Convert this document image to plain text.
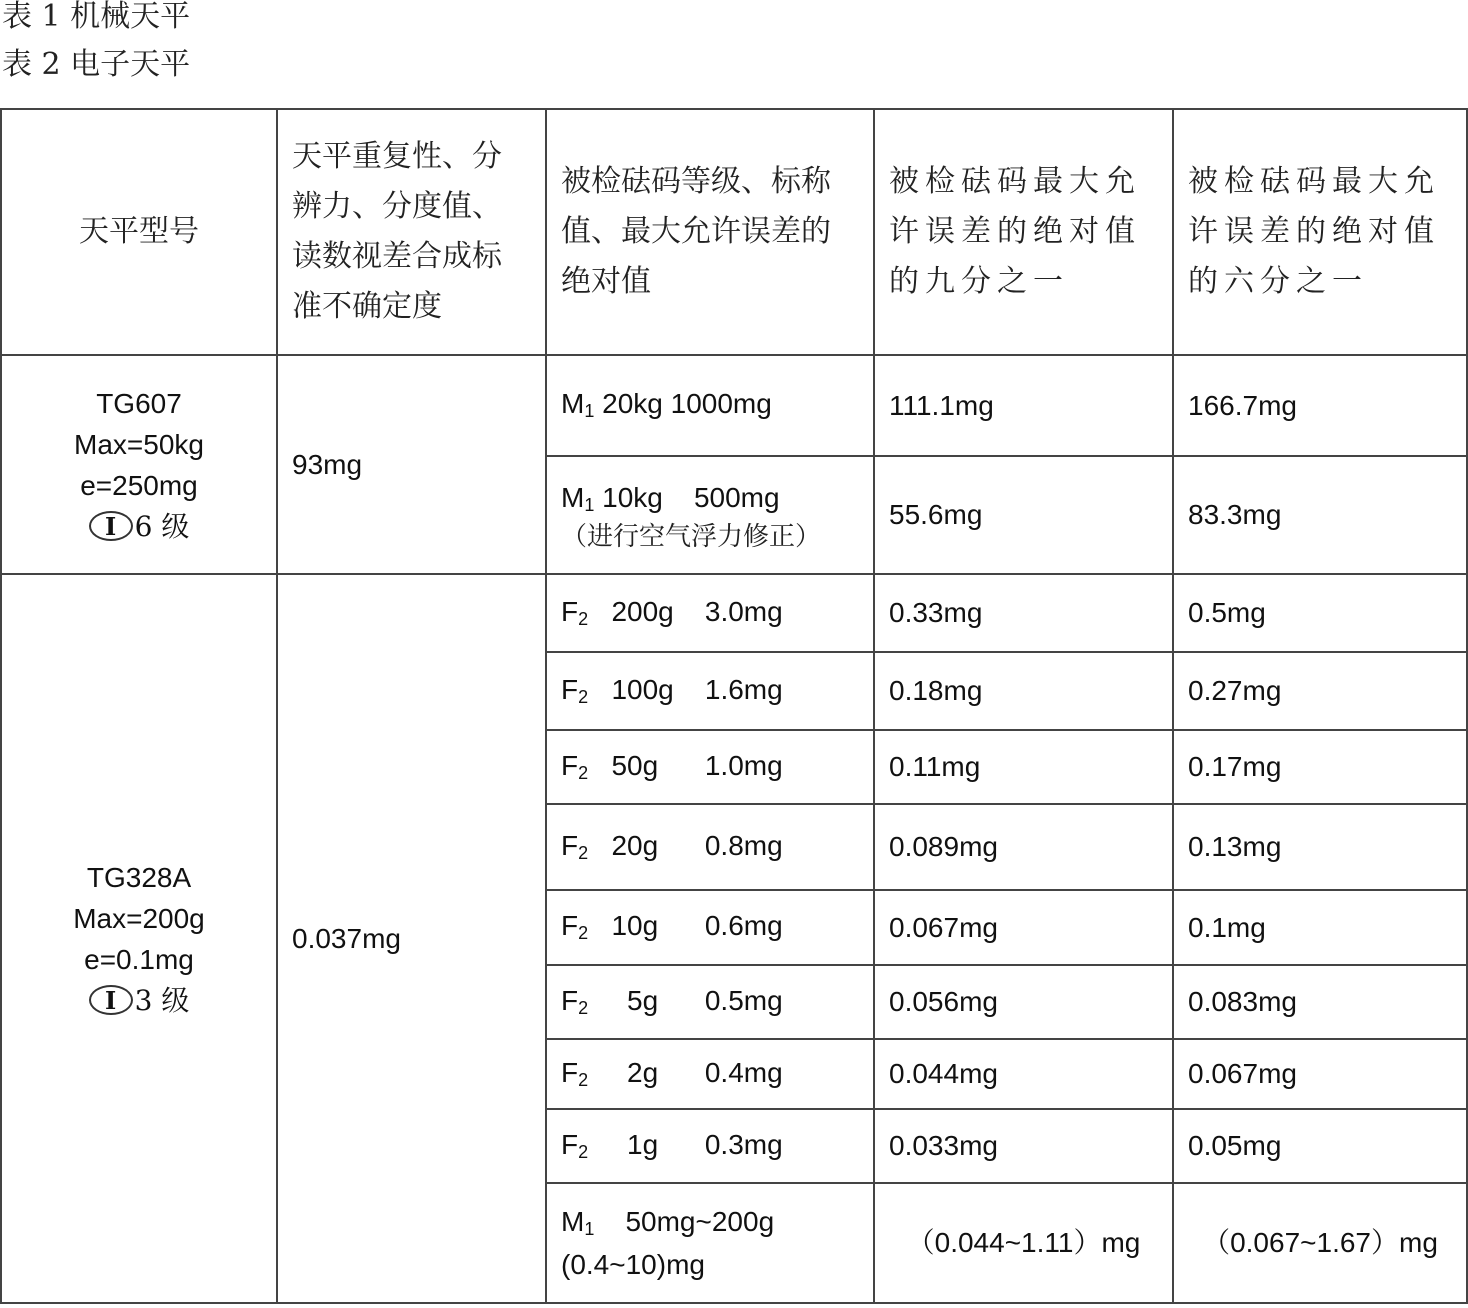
表 1 机械天平
表 2 电子天平
天平型号	天平重复性、分辨力、分度值、读数视差合成标准不确定度	被检砝码等级、标称值、最大允许误差的绝对值	被检砝码最大允许误差的绝对值的九分之一	被检砝码最大允许误差的绝对值的六分之一

TG607
Max=50kg
e=250mg
I 6 级	93mg	M1 20kg 1000mg	111.1mg	166.7mg
		M1 10kg    500mg
（进行空气浮力修正）	55.6mg	83.3mg

TG328A
Max=200g
e=0.1mg
I 3 级	0.037mg	F2   200g    3.0mg	0.33mg	0.5mg
		F2   100g    1.6mg	0.18mg	0.27mg
		F2   50g      1.0mg	0.11mg	0.17mg
		F2   20g      0.8mg	0.089mg	0.13mg
		F2   10g      0.6mg	0.067mg	0.1mg
		F2     5g      0.5mg	0.056mg	0.083mg
		F2     2g      0.4mg	0.044mg	0.067mg
		F2     1g      0.3mg	0.033mg	0.05mg
		M1    50mg~200g
(0.4~10)mg	（0.044~1.11）mg	（0.067~1.67）mg
